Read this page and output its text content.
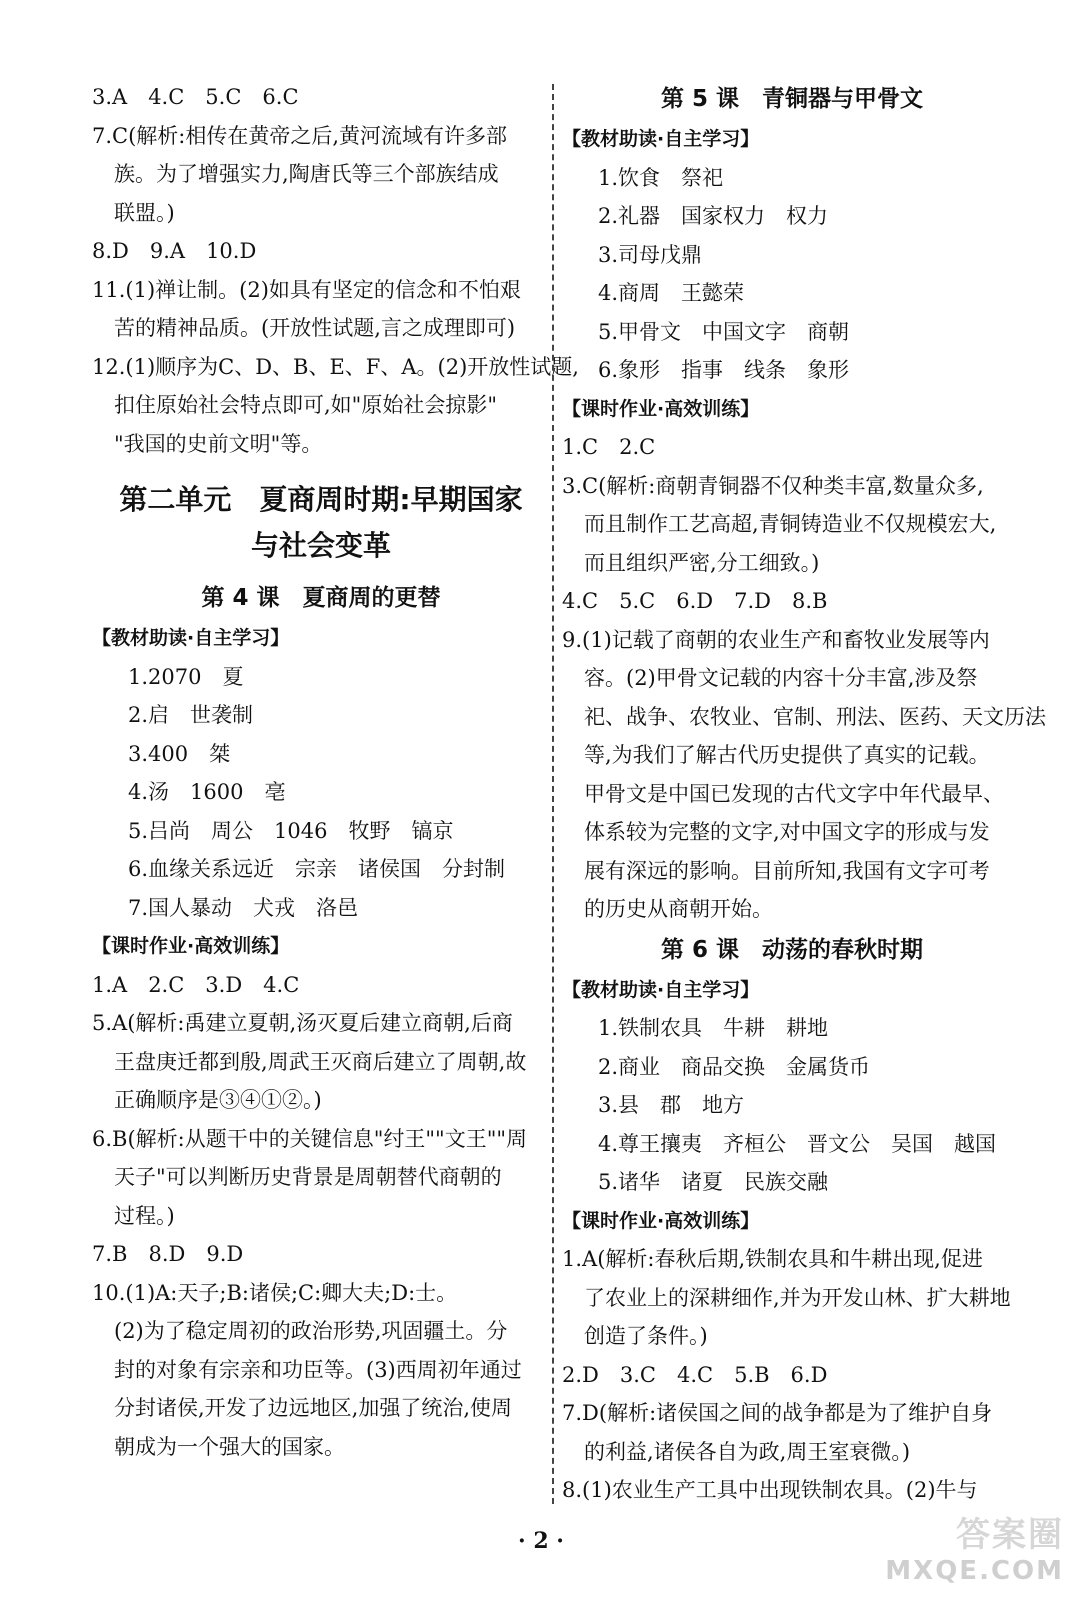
3.A　4.C　5.C　6.C
7.C(解析:相传在黄帝之后,黄河流域有许多部
族。为了增强实力,陶唐氏等三个部族结成
联盟。)
8.D　9.A　10.D
11.(1)禅让制。(2)如具有坚定的信念和不怕艰
苦的精神品质。(开放性试题,言之成理即可)
12.(1)顺序为C、D、B、E、F、A。(2)开放性试题,
扣住原始社会特点即可,如"原始社会掠影"
"我国的史前文明"等。
第二单元　夏商周时期:早期国家
与社会变革
第 4 课　夏商周的更替
【教材助读·自主学习】
1.2070　夏
2.启　世袭制
3.400　桀
4.汤　1600　亳
5.吕尚　周公　1046　牧野　镐京
6.血缘关系远近　宗亲　诸侯国　分封制
7.国人暴动　犬戎　洛邑
【课时作业·高效训练】
1.A　2.C　3.D　4.C
5.A(解析:禹建立夏朝,汤灭夏后建立商朝,后商
王盘庚迁都到殷,周武王灭商后建立了周朝,故
正确顺序是③④①②。)
6.B(解析:从题干中的关键信息"纣王""文王""周
天子"可以判断历史背景是周朝替代商朝的
过程。)
7.B　8.D　9.D
10.(1)A:天子;B:诸侯;C:卿大夫;D:士。
(2)为了稳定周初的政治形势,巩固疆土。分
封的对象有宗亲和功臣等。(3)西周初年通过
分封诸侯,开发了边远地区,加强了统治,使周
朝成为一个强大的国家。
第 5 课　青铜器与甲骨文
【教材助读·自主学习】
1.饮食　祭祀
2.礼器　国家权力　权力
3.司母戊鼎
4.商周　王懿荣
5.甲骨文　中国文字　商朝
6.象形　指事　线条　象形
【课时作业·高效训练】
1.C　2.C
3.C(解析:商朝青铜器不仅种类丰富,数量众多,
而且制作工艺高超,青铜铸造业不仅规模宏大,
而且组织严密,分工细致。)
4.C　5.C　6.D　7.D　8.B
9.(1)记载了商朝的农业生产和畜牧业发展等内
容。(2)甲骨文记载的内容十分丰富,涉及祭
祀、战争、农牧业、官制、刑法、医药、天文历法
等,为我们了解古代历史提供了真实的记载。
甲骨文是中国已发现的古代文字中年代最早、
体系较为完整的文字,对中国文字的形成与发
展有深远的影响。目前所知,我国有文字可考
的历史从商朝开始。
第 6 课　动荡的春秋时期
【教材助读·自主学习】
1.铁制农具　牛耕　耕地
2.商业　商品交换　金属货币
3.县　郡　地方
4.尊王攘夷　齐桓公　晋文公　吴国　越国
5.诸华　诸夏　民族交融
【课时作业·高效训练】
1.A(解析:春秋后期,铁制农具和牛耕出现,促进
了农业上的深耕细作,并为开发山林、扩大耕地
创造了条件。)
2.D　3.C　4.C　5.B　6.D
7.D(解析:诸侯国之间的战争都是为了维护自身
的利益,诸侯各自为政,周王室衰微。)
8.(1)农业生产工具中出现铁制农具。(2)牛与
· 2 ·	答案圈
MXQE.COM
